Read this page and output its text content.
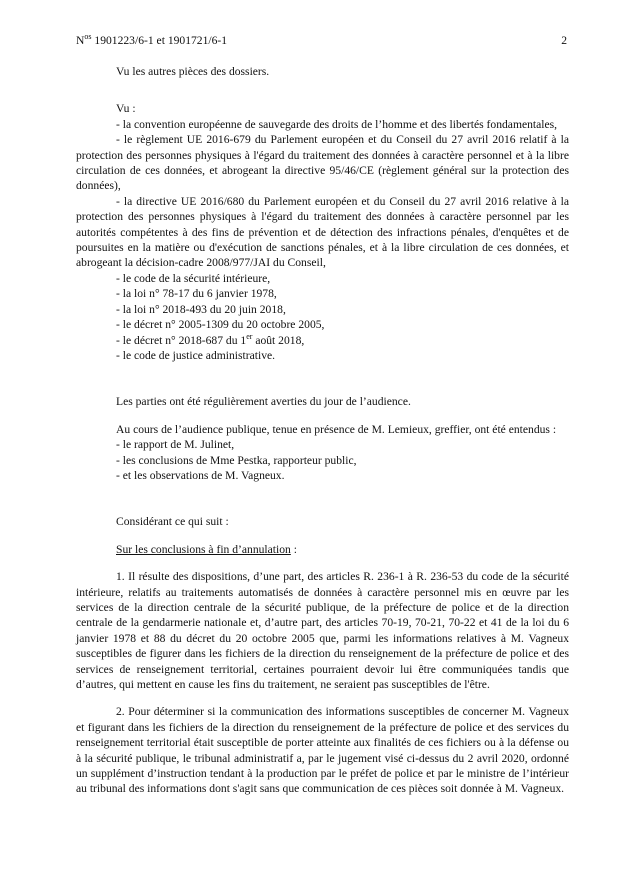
$N^{os}$ 1901223/6-1 et 1901721/6-1	2
Vu les autres pièces des dossiers.
Vu :
- la convention européenne de sauvegarde des droits de l’homme et des libertés fondamentales,
- le règlement UE 2016-679 du Parlement européen et du Conseil du 27 avril 2016 relatif à la protection des personnes physiques à l'égard du traitement des données à caractère personnel et à la libre circulation de ces données, et abrogeant la directive 95/46/CE (règlement général sur la protection des données),
- la directive UE 2016/680 du Parlement européen et du Conseil du 27 avril 2016 relative à la protection des personnes physiques à l'égard du traitement des données à caractère personnel par les autorités compétentes à des fins de prévention et de détection des infractions pénales, d'enquêtes et de poursuites en la matière ou d'exécution de sanctions pénales, et à la libre circulation de ces données, et abrogeant la décision-cadre 2008/977/JAI du Conseil,
- le code de la sécurité intérieure,
- la loi n° 78-17 du 6 janvier 1978,
- la loi n° 2018-493 du 20 juin 2018,
- le décret n° 2005-1309 du 20 octobre 2005,
- le décret n° 2018-687 du 1er août 2018,
- le code de justice administrative.
Les parties ont été régulièrement averties du jour de l’audience.
Au cours de l’audience publique, tenue en présence de M. Lemieux, greffier, ont été entendus :
- le rapport de M. Julinet,
- les conclusions de Mme Pestka, rapporteur public,
- et les observations de M. Vagneux.
Considérant ce qui suit :
Sur les conclusions à fin d’annulation :
1. Il résulte des dispositions, d’une part, des articles R. 236-1 à R. 236-53 du code de la sécurité intérieure, relatifs au traitements automatisés de données à caractère personnel mis en œuvre par les services de la direction centrale de la sécurité publique, de la préfecture de police et de la direction centrale de la gendarmerie nationale et, d’autre part, des articles 70-19, 70-21, 70-22 et 41 de la loi du 6 janvier 1978 et 88 du décret du 20 octobre 2005 que, parmi les informations relatives à M. Vagneux susceptibles de figurer dans les fichiers de la direction du renseignement de la préfecture de police et des services de renseignement territorial, certaines pourraient devoir lui être communiquées tandis que d’autres, qui mettent en cause les fins du traitement, ne seraient pas susceptibles de l'être.
2. Pour déterminer si la communication des informations susceptibles de concerner M. Vagneux et figurant dans les fichiers de la direction du renseignement de la préfecture de police et des services du renseignement territorial était susceptible de porter atteinte aux finalités de ces fichiers ou à la défense ou à la sécurité publique, le tribunal administratif a, par le jugement visé ci-dessus du 2 avril 2020, ordonné un supplément d’instruction tendant à la production par le préfet de police et par le ministre de l’intérieur au tribunal des informations dont s'agit sans que communication de ces pièces soit donnée à M. Vagneux.
